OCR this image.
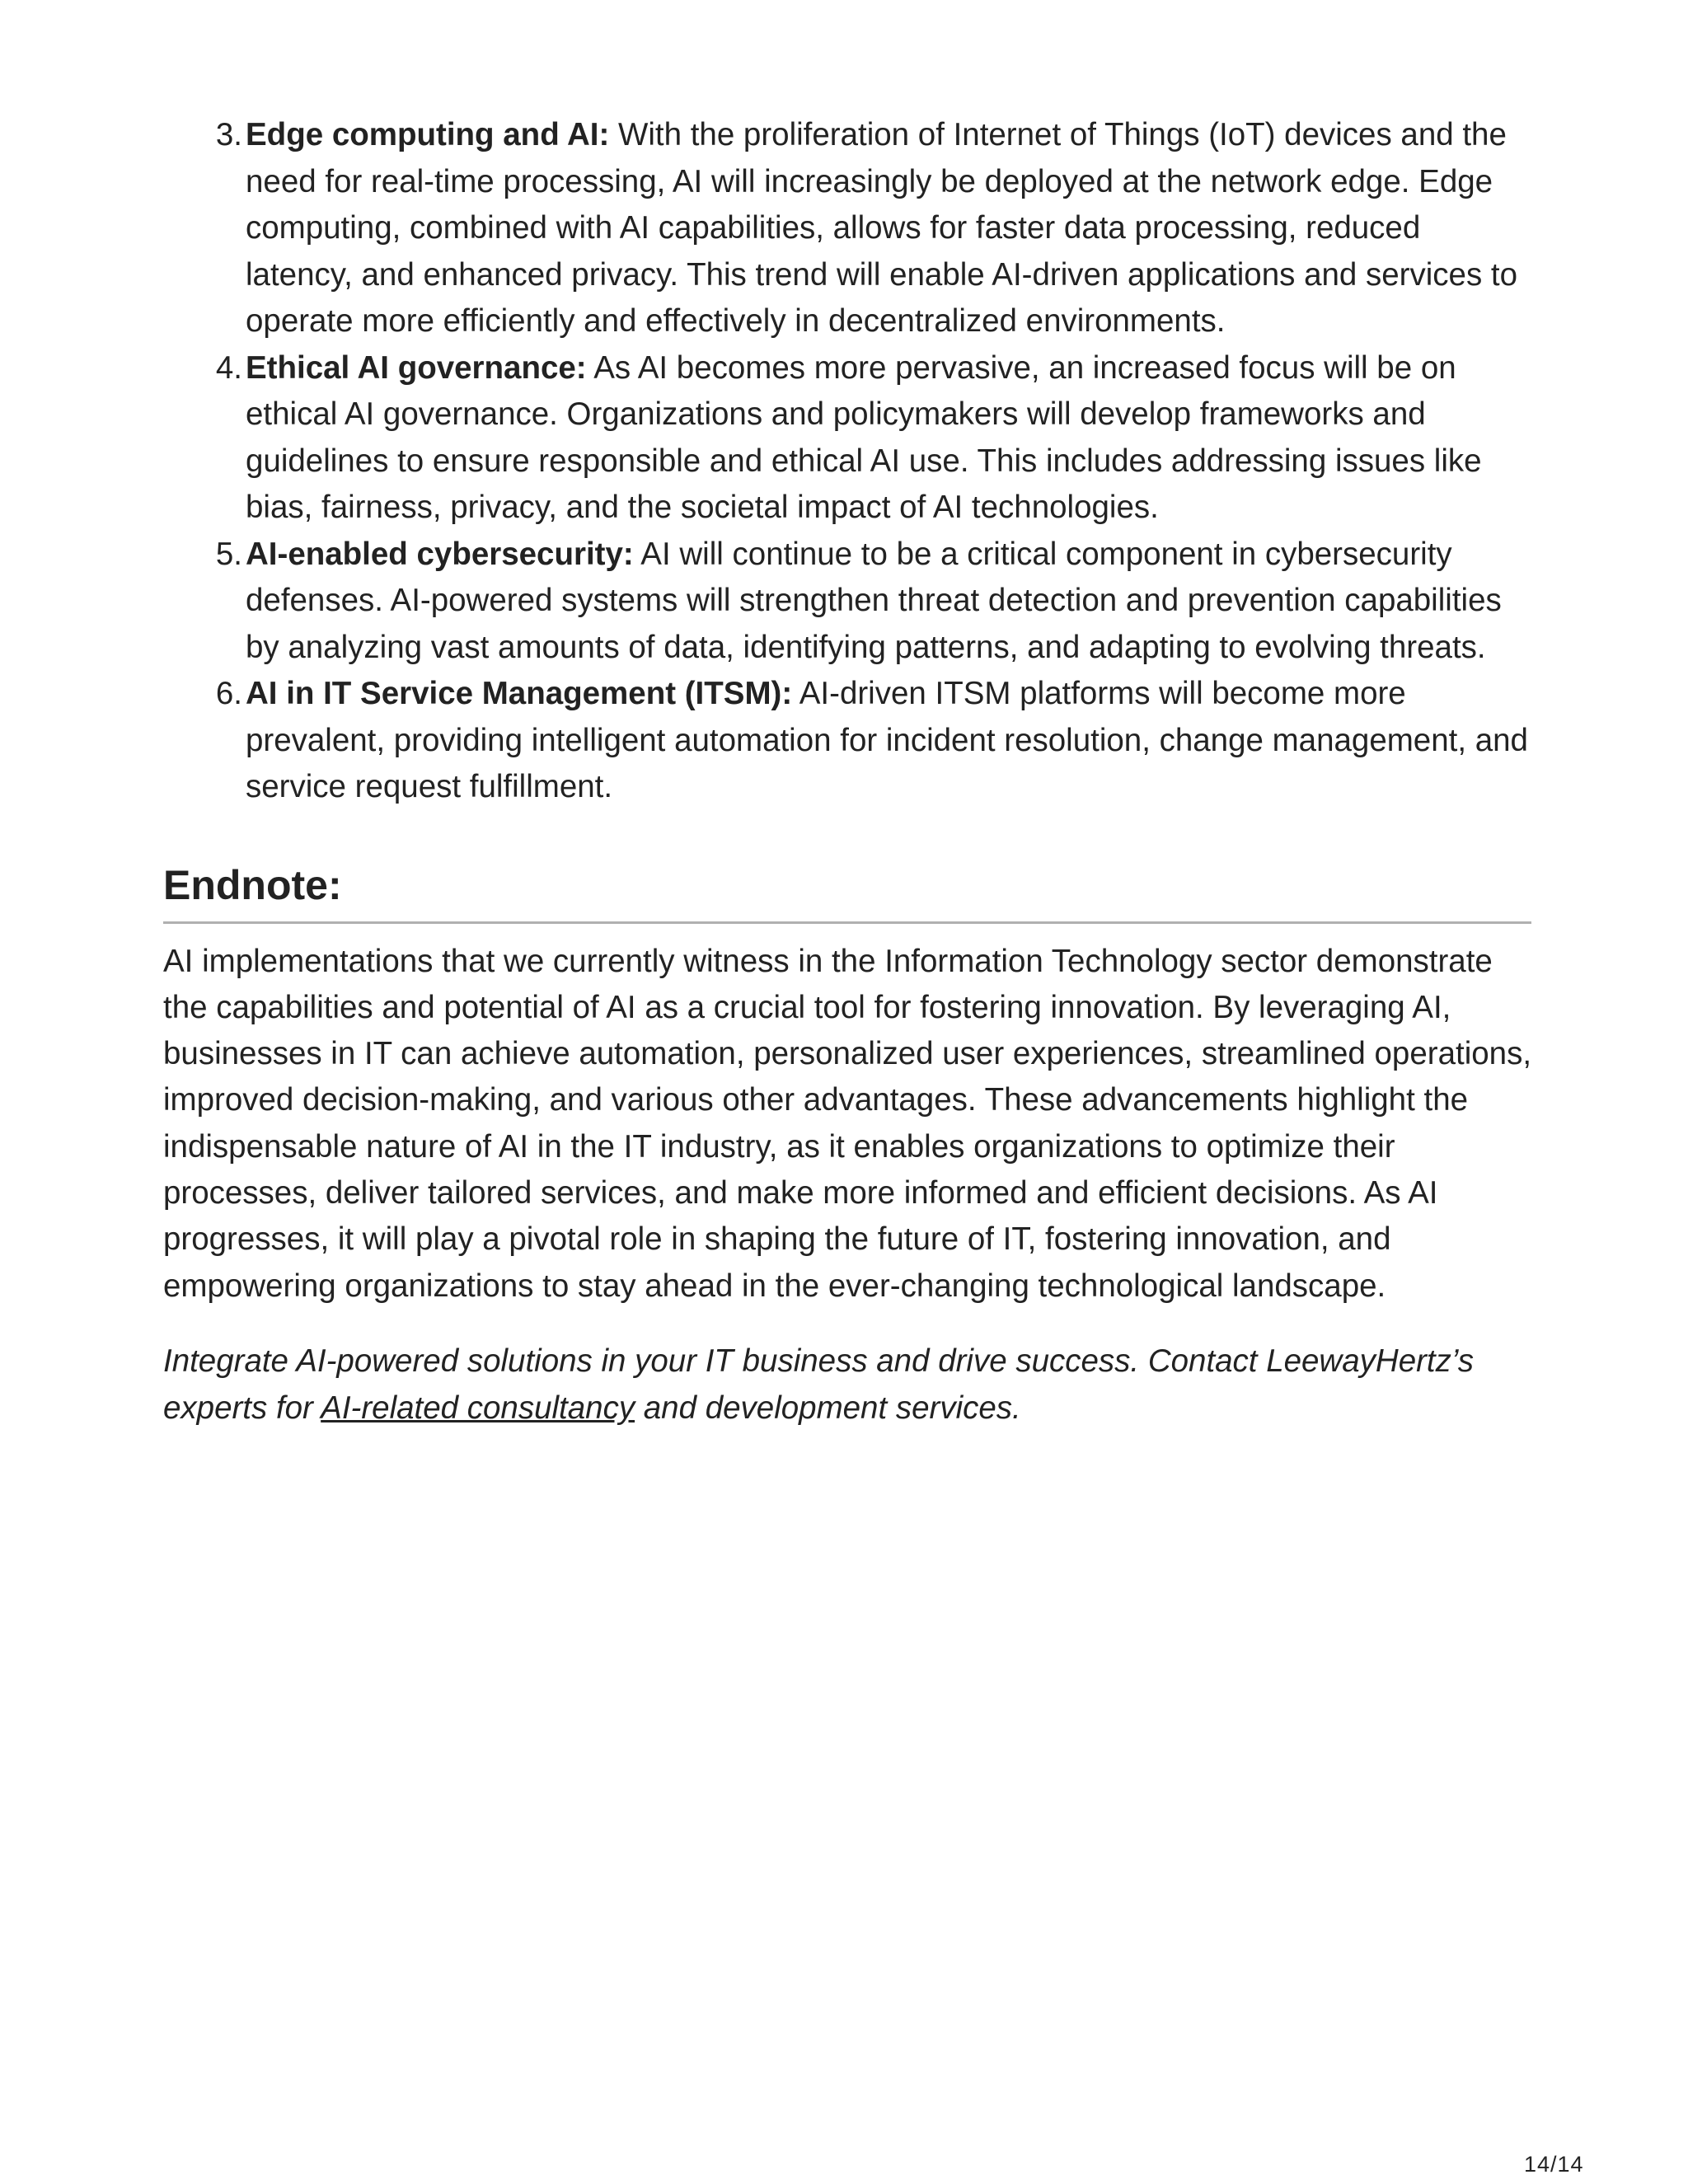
3. Edge computing and AI: With the proliferation of Internet of Things (IoT) devices and the need for real-time processing, AI will increasingly be deployed at the network edge. Edge computing, combined with AI capabilities, allows for faster data processing, reduced latency, and enhanced privacy. This trend will enable AI-driven applications and services to operate more efficiently and effectively in decentralized environments.
4. Ethical AI governance: As AI becomes more pervasive, an increased focus will be on ethical AI governance. Organizations and policymakers will develop frameworks and guidelines to ensure responsible and ethical AI use. This includes addressing issues like bias, fairness, privacy, and the societal impact of AI technologies.
5. AI-enabled cybersecurity: AI will continue to be a critical component in cybersecurity defenses. AI-powered systems will strengthen threat detection and prevention capabilities by analyzing vast amounts of data, identifying patterns, and adapting to evolving threats.
6. AI in IT Service Management (ITSM): AI-driven ITSM platforms will become more prevalent, providing intelligent automation for incident resolution, change management, and service request fulfillment.
Endnote:

AI implementations that we currently witness in the Information Technology sector demonstrate the capabilities and potential of AI as a crucial tool for fostering innovation. By leveraging AI, businesses in IT can achieve automation, personalized user experiences, streamlined operations, improved decision-making, and various other advantages. These advancements highlight the indispensable nature of AI in the IT industry, as it enables organizations to optimize their processes, deliver tailored services, and make more informed and efficient decisions. As AI progresses, it will play a pivotal role in shaping the future of IT, fostering innovation, and empowering organizations to stay ahead in the ever-changing technological landscape.

Integrate AI-powered solutions in your IT business and drive success. Contact LeewayHertz’s experts for AI-related consultancy and development services.

14/14
